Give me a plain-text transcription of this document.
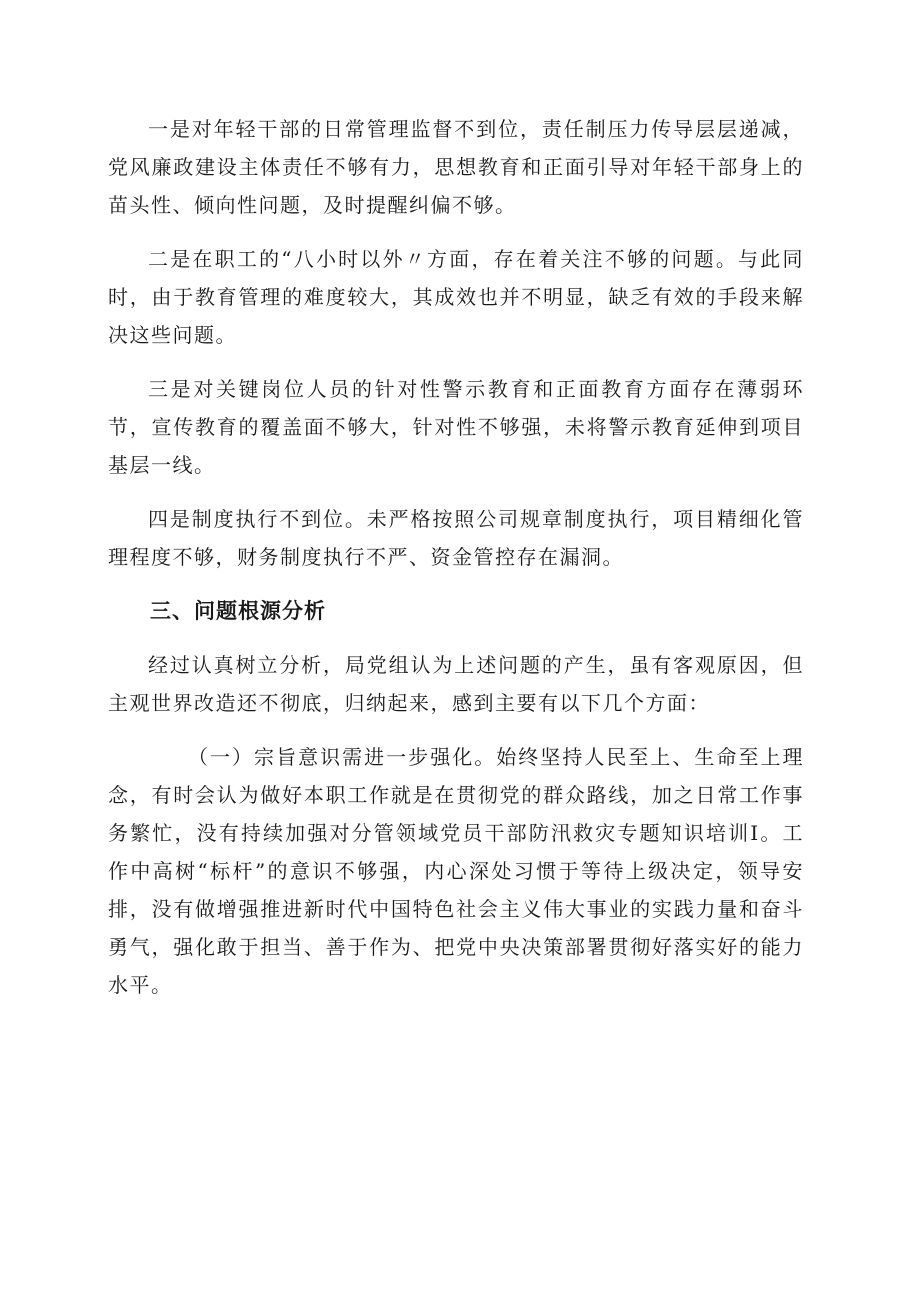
一是对年轻干部的日常管理监督不到位，责任制压力传导层层递减，党风廉政建设主体责任不够有力，思想教育和正面引导对年轻干部身上的苗头性、倾向性问题，及时提醒纠偏不够。

二是在职工的“八小时以外〃方面，存在着关注不够的问题。与此同时，由于教育管理的难度较大，其成效也并不明显，缺乏有效的手段来解决这些问题。

三是对关键岗位人员的针对性警示教育和正面教育方面存在薄弱环节，宣传教育的覆盖面不够大，针对性不够强，未将警示教育延伸到项目基层一线。

四是制度执行不到位。未严格按照公司规章制度执行，项目精细化管理程度不够，财务制度执行不严、资金管控存在漏洞。

三、问题根源分析

经过认真树立分析，局党组认为上述问题的产生，虽有客观原因，但主观世界改造还不彻底，归纳起来，感到主要有以下几个方面：

（一）宗旨意识需进一步强化。始终坚持人民至上、生命至上理念，有时会认为做好本职工作就是在贯彻党的群众路线，加之日常工作事务繁忙，没有持续加强对分管领域党员干部防汛救灾专题知识培训I。工作中高树“标杆”的意识不够强，内心深处习惯于等待上级决定，领导安排，没有做增强推进新时代中国特色社会主义伟大事业的实践力量和奋斗勇气，强化敢于担当、善于作为、把党中央决策部署贯彻好落实好的能力水平。
